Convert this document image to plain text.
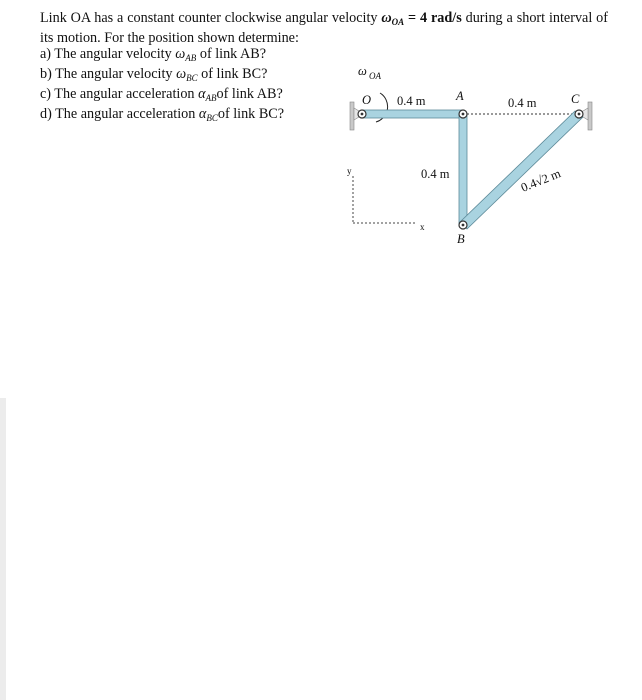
Link OA has a constant counter clockwise angular velocity $\omega_{OA} = 4$ rad/s during a short interval of its motion. For the position shown determine:

a) The angular velocity $\omega_{AB}$ of link AB?

b) The angular velocity $\omega_{BC}$ of link BC?

c) The angular acceleration $\alpha_{AB}of$ link AB?

d) The angular acceleration $\alpha_{BC}of$ link BC?

ω OA
O	A
B
C
0.4 m	0.4 m
0.4 m	0.4√2 m
y
x
